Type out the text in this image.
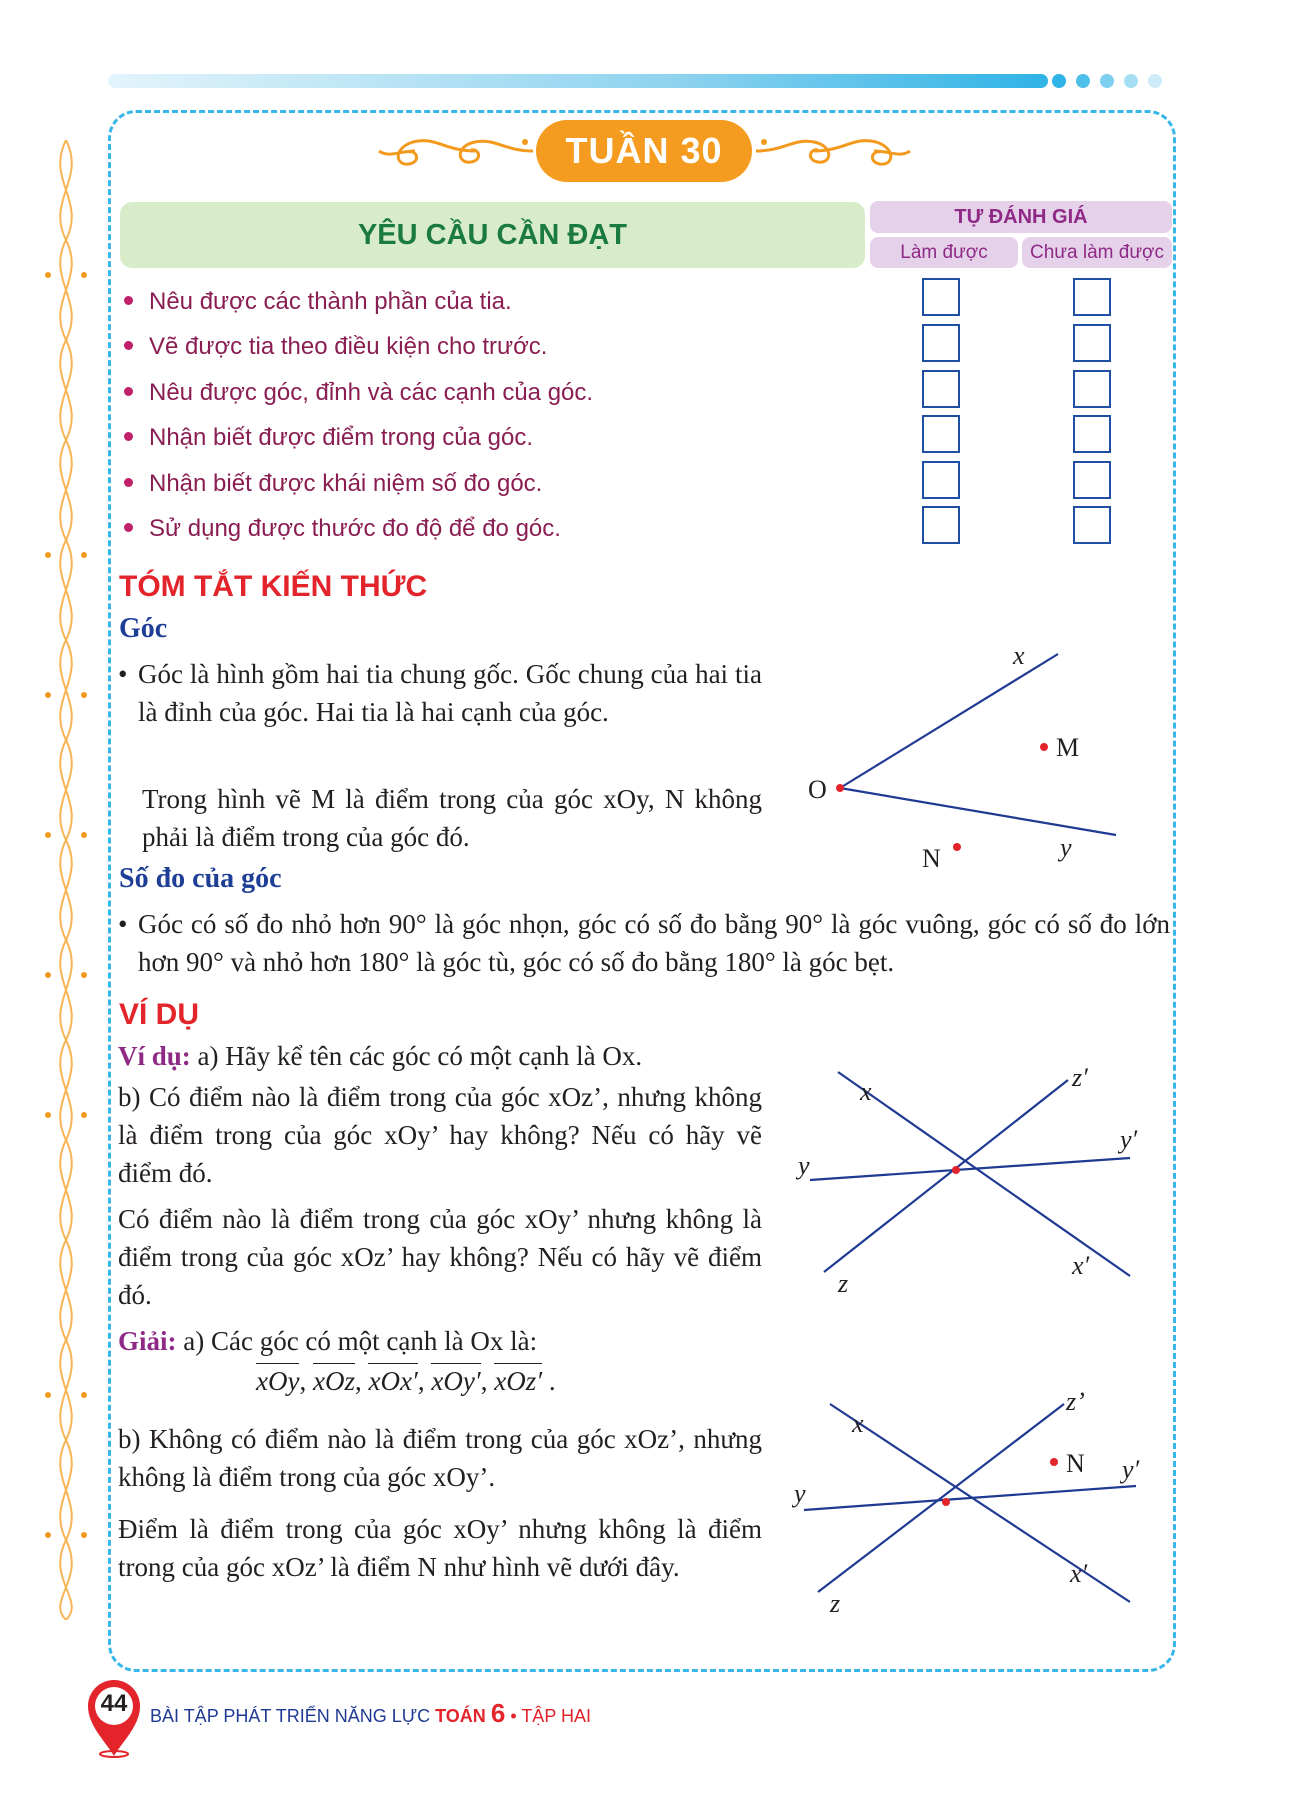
TUẦN 30
YÊU CẦU CẦN ĐẠT
TỰ ĐÁNH GIÁ
Làm được	Chưa làm được
Nêu được các thành phần của tia.
Vẽ được tia theo điều kiện cho trước.
Nêu được góc, đỉnh và các cạnh của góc.
Nhận biết được điểm trong của góc.
Nhận biết được khái niệm số đo góc.
Sử dụng được thước đo độ để đo góc.
TÓM TẮT KIẾN THỨC
Góc
• Góc là hình gồm hai tia chung gốc. Gốc chung của hai tia là đỉnh của góc. Hai tia là hai cạnh của góc.
Trong hình vẽ M là điểm trong của góc xOy, N không phải là điểm trong của góc đó.
x
y
O
M
N
Số đo của góc
• Góc có số đo nhỏ hơn 90° là góc nhọn, góc có số đo bằng 90° là góc vuông, góc có số đo lớn hơn 90° và nhỏ hơn 180° là góc tù, góc có số đo bằng 180° là góc bẹt.
VÍ DỤ
Ví dụ: a) Hãy kể tên các góc có một cạnh là Ox.
b) Có điểm nào là điểm trong của góc xOz’, nhưng không là điểm trong của góc xOy’ hay không? Nếu có hãy vẽ điểm đó.
Có điểm nào là điểm trong của góc xOy’ nhưng không là điểm trong của góc xOz’ hay không? Nếu có hãy vẽ điểm đó.
x
y
z
x′
y′
z′
Giải: a) Các góc có một cạnh là Ox là:
xOy, xOz, xOx′, xOy′, xOz′ .
b) Không có điểm nào là điểm trong của góc xOz’, nhưng không là điểm trong của góc xOy’.
Điểm là điểm trong của góc xOy’ nhưng không là điểm trong của góc xOz’ là điểm N như hình vẽ dưới đây.
x
y
z
x′
y′
z’
N
44	BÀI TẬP PHÁT TRIỂN NĂNG LỰC TOÁN 6 • TẬP HAI
